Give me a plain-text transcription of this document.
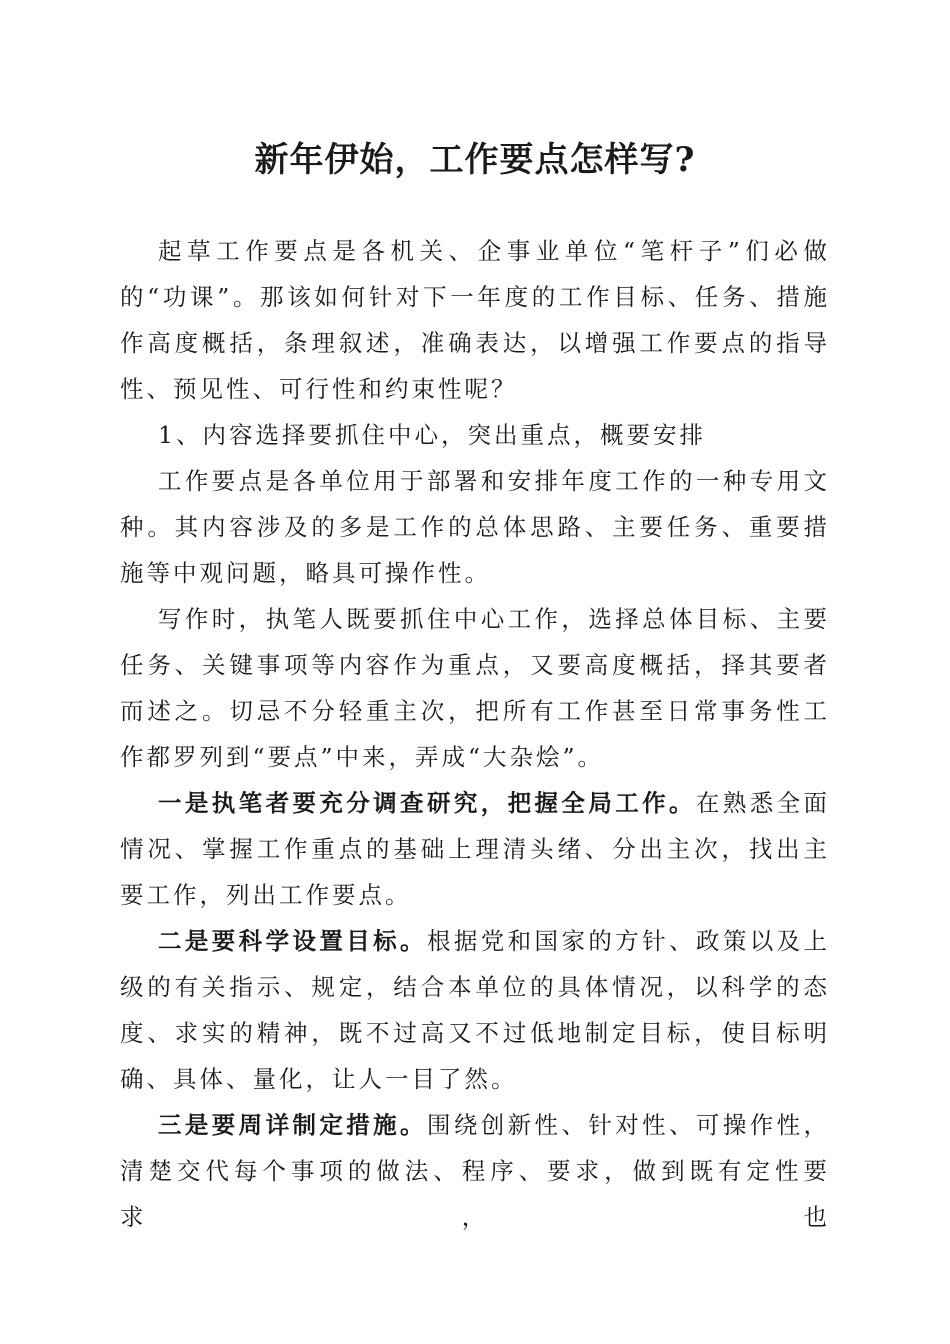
新年伊始，工作要点怎样写?

起草工作要点是各机关、企事业单位“笔杆子”们必做的“功课”。那该如何针对下一年度的工作目标、任务、措施作高度概括，条理叙述，准确表达，以增强工作要点的指导性、预见性、可行性和约束性呢？

1、内容选择要抓住中心，突出重点，概要安排

工作要点是各单位用于部署和安排年度工作的一种专用文种。其内容涉及的多是工作的总体思路、主要任务、重要措施等中观问题，略具可操作性。

写作时，执笔人既要抓住中心工作，选择总体目标、主要任务、关键事项等内容作为重点，又要高度概括，择其要者而述之。切忌不分轻重主次，把所有工作甚至日常事务性工作都罗列到“要点”中来，弄成“大杂烩”。

一是执笔者要充分调查研究，把握全局工作。在熟悉全面情况、掌握工作重点的基础上理清头绪、分出主次，找出主要工作，列出工作要点。

二是要科学设置目标。根据党和国家的方针、政策以及上级的有关指示、规定，结合本单位的具体情况，以科学的态度、求实的精神，既不过高又不过低地制定目标，使目标明确、具体、量化，让人一目了然。

三是要周详制定措施。围绕创新性、针对性、可操作性，清楚交代每个事项的做法、程序、要求，做到既有定性要求，也
